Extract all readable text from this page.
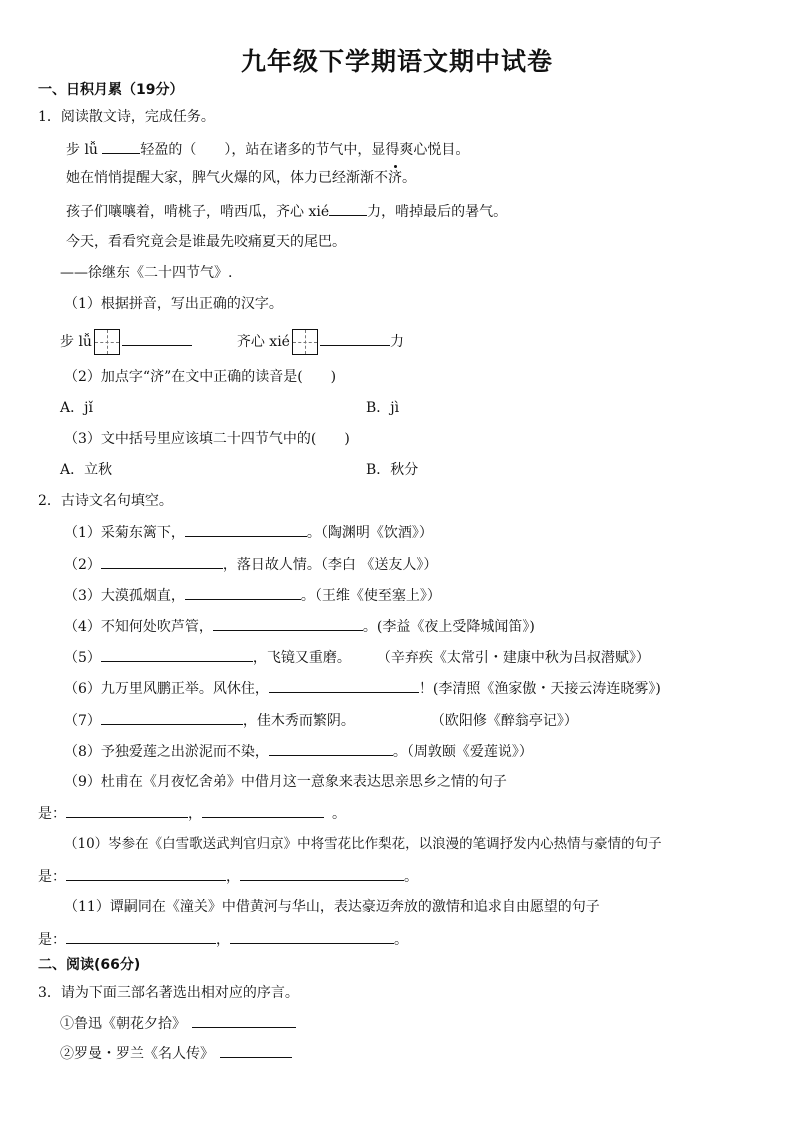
九年级下学期语文期中试卷
一、日积月累（19分）
1．阅读散文诗，完成任务。
步 lǚ	轻盈的（　　），站在诸多的节气中，显得爽心悦目。
她在悄悄提醒大家，脾气火爆的风，体力已经渐渐不济。
孩子们嚷嚷着，啃桃子，啃西瓜，齐心 xié	力，啃掉最后的暑气。
今天，看看究竟会是谁最先咬痛夏天的尾巴。
——徐继东《二十四节气》.
（1）根据拼音，写出正确的汉字。
步 lǚ	齐心 xié	力
（2）加点字“济”在文中正确的读音是(　　)
A．jǐ	B．jì
（3）文中括号里应该填二十四节气中的(　　)
A．立秋	B．秋分
2．古诗文名句填空。
（1）采菊东篱下，	。（陶渊明《饮酒》）
（2）	，落日故人情。（李白 《送友人》）
（3）大漠孤烟直，	。（王维《使至塞上》）
（4）不知何处吹芦管，	。(李益《夜上受降城闻笛》)
（5）	，飞镜又重磨。 （辛弃疾《太常引・建康中秋为吕叔潜赋》）
（6）九万里风鹏正举。风休住，	！(李清照《渔家傲・天接云涛连晓雾》)
（7）	，佳木秀而繁阴。	（欧阳修《醉翁亭记》）
（8）予独爱莲之出淤泥而不染，	。（周敦颐《爱莲说》）
（9）杜甫在《月夜忆舍弟》中借月这一意象来表达思亲思乡之情的句子
是：	，	。
（10）岑参在《白雪歌送武判官归京》中将雪花比作梨花，以浪漫的笔调抒发内心热情与豪情的句子
是：	，	。
（11）谭嗣同在《潼关》中借黄河与华山，表达豪迈奔放的激情和追求自由愿望的句子
是：	，	。
二、阅读(66分)
3．请为下面三部名著选出相对应的序言。
①鲁迅《朝花夕拾》
②罗曼・罗兰《名人传》
